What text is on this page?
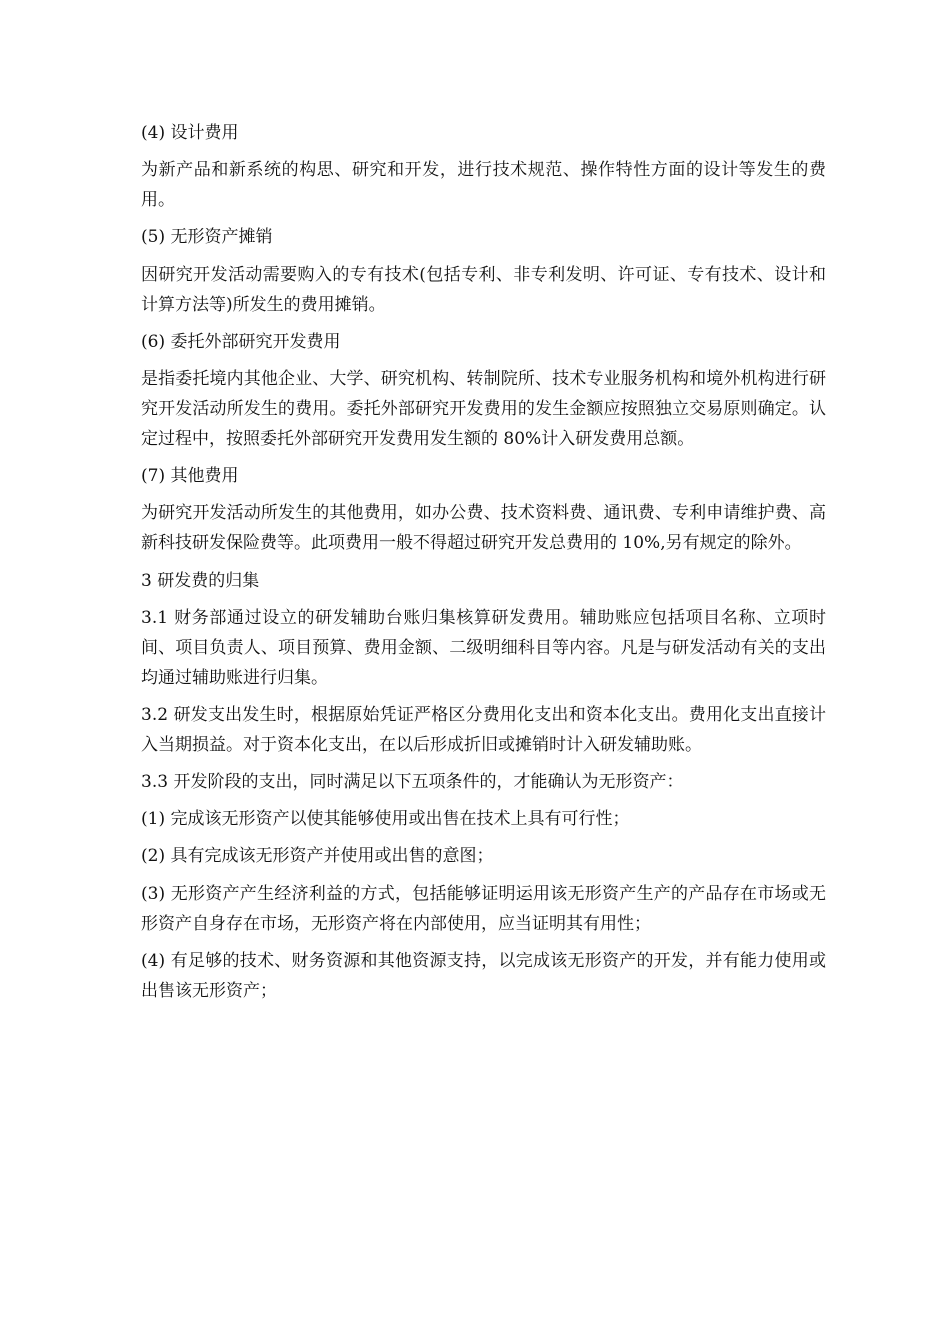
(4) 设计费用

为新产品和新系统的构思、研究和开发，进行技术规范、操作特性方面的设计等发生的费用。

(5) 无形资产摊销

因研究开发活动需要购入的专有技术(包括专利、非专利发明、许可证、专有技术、设计和计算方法等)所发生的费用摊销。

(6) 委托外部研究开发费用

是指委托境内其他企业、大学、研究机构、转制院所、技术专业服务机构和境外机构进行研究开发活动所发生的费用。委托外部研究开发费用的发生金额应按照独立交易原则确定。认定过程中，按照委托外部研究开发费用发生额的 80%计入研发费用总额。

(7) 其他费用

为研究开发活动所发生的其他费用，如办公费、技术资料费、通讯费、专利申请维护费、高新科技研发保险费等。此项费用一般不得超过研究开发总费用的 10%,另有规定的除外。

3 研发费的归集

3.1 财务部通过设立的研发辅助台账归集核算研发费用。辅助账应包括项目名称、立项时间、项目负责人、项目预算、费用金额、二级明细科目等内容。凡是与研发活动有关的支出均通过辅助账进行归集。

3.2 研发支出发生时，根据原始凭证严格区分费用化支出和资本化支出。费用化支出直接计入当期损益。对于资本化支出，在以后形成折旧或摊销时计入研发辅助账。

3.3 开发阶段的支出，同时满足以下五项条件的，才能确认为无形资产：

(1) 完成该无形资产以使其能够使用或出售在技术上具有可行性；

(2) 具有完成该无形资产并使用或出售的意图；

(3) 无形资产产生经济利益的方式，包括能够证明运用该无形资产生产的产品存在市场或无形资产自身存在市场，无形资产将在内部使用，应当证明其有用性；

(4) 有足够的技术、财务资源和其他资源支持，以完成该无形资产的开发，并有能力使用或出售该无形资产；
